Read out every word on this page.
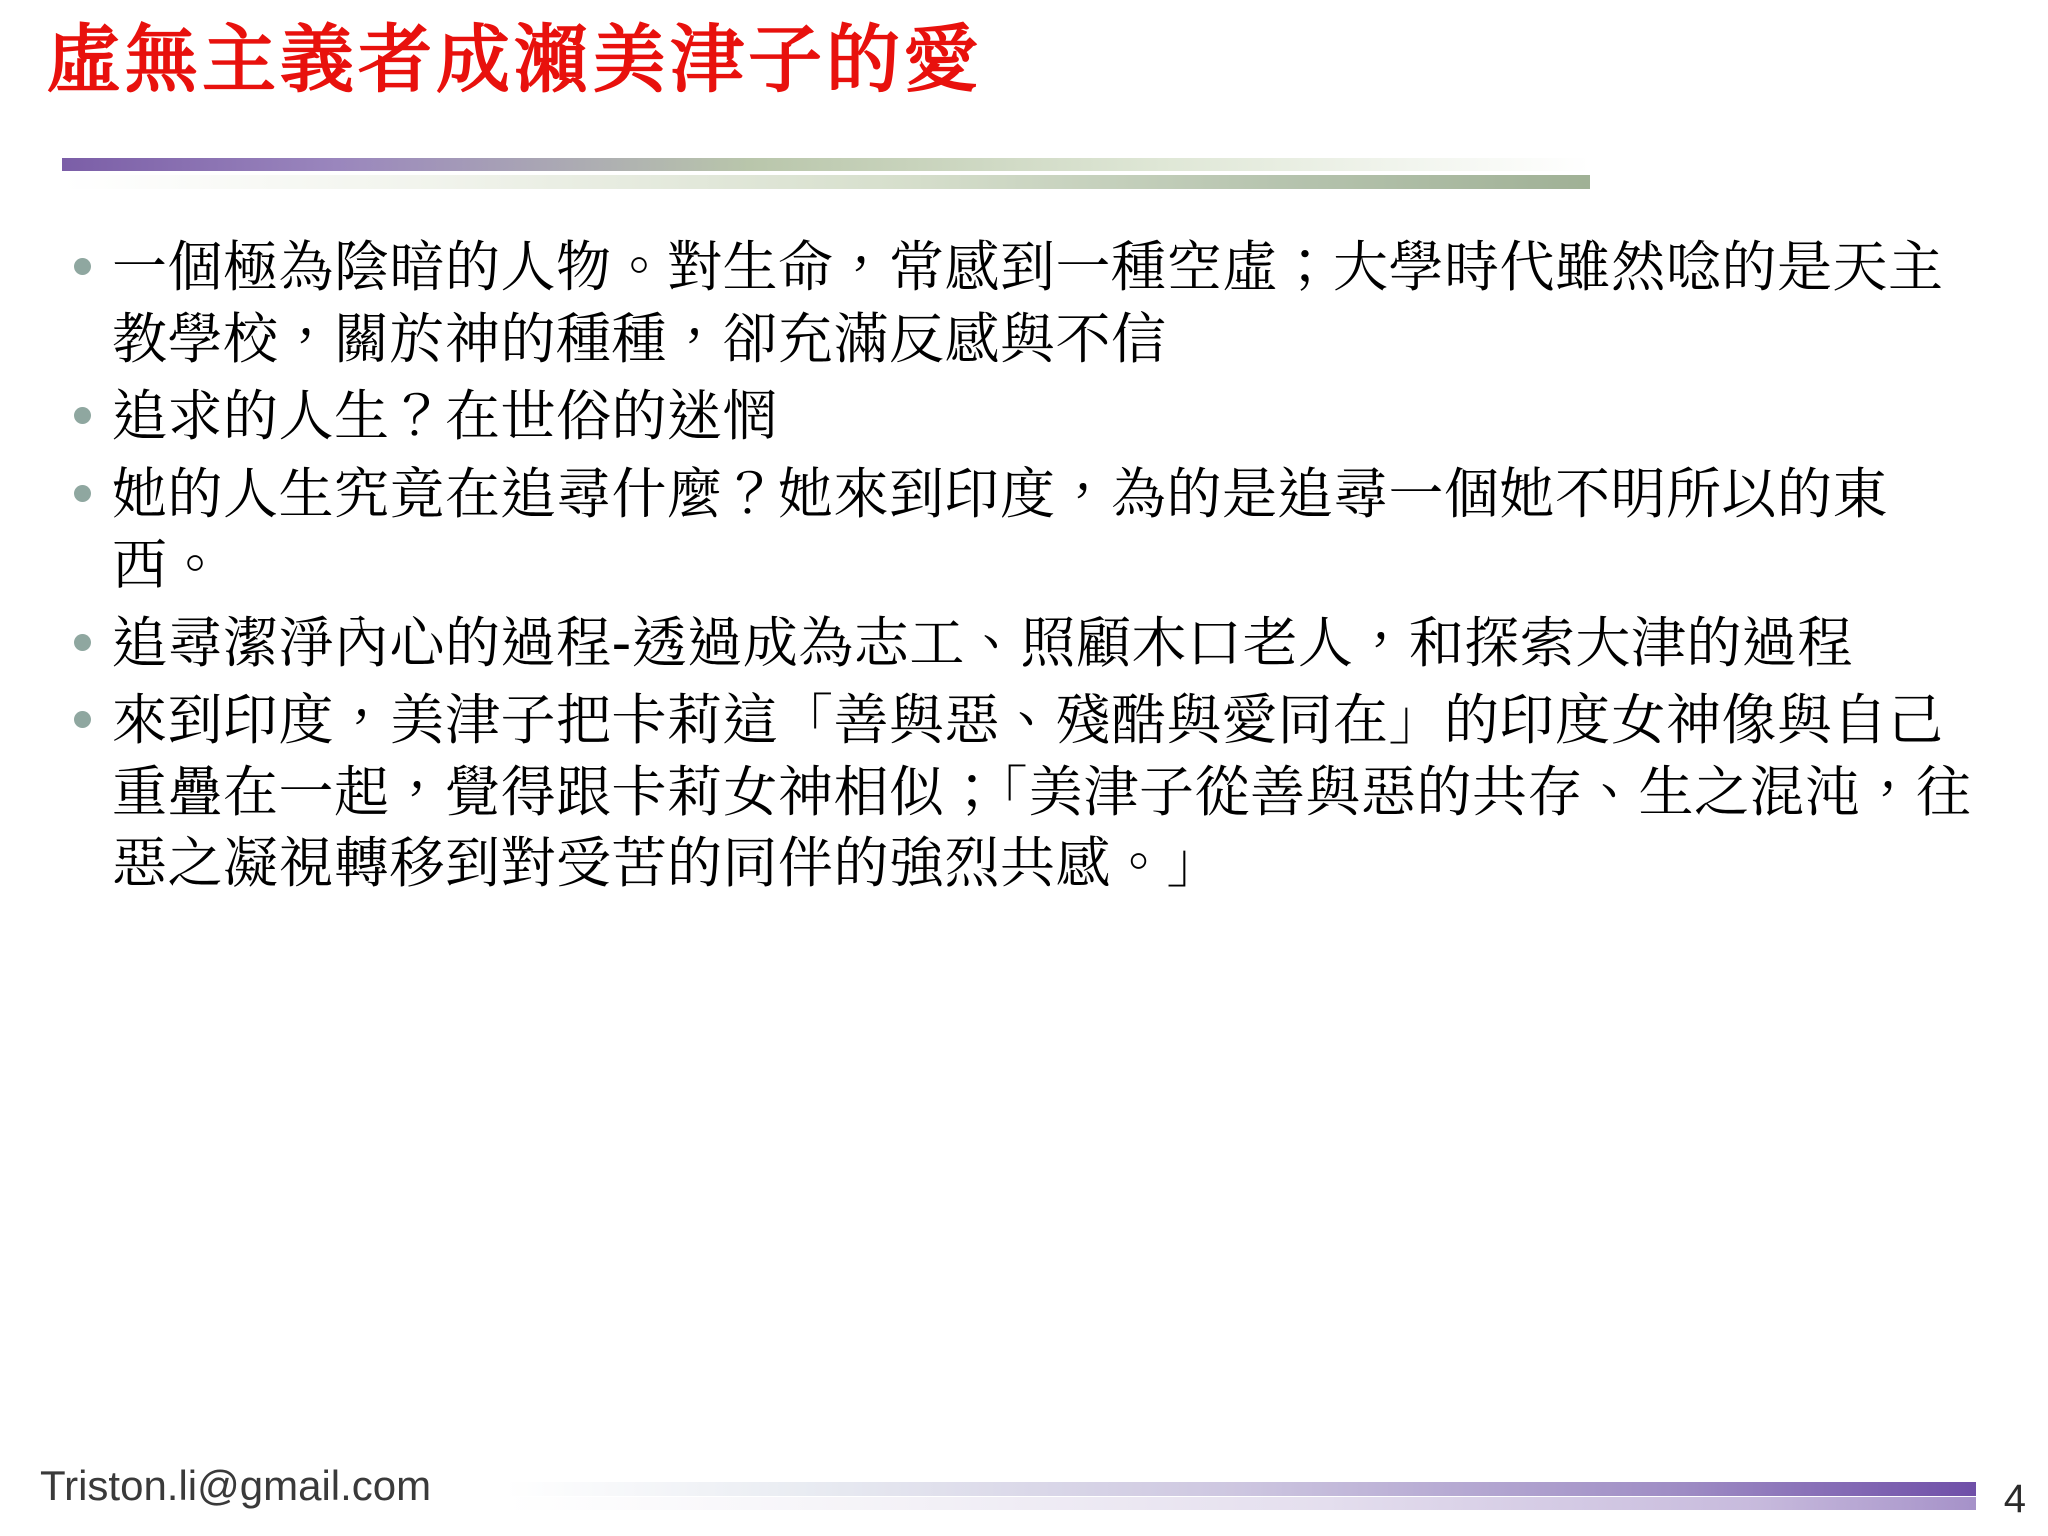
虛無主義者成瀨美津子的愛
一個極為陰暗的人物。對生命，常感到一種空虛；大學時代雖然唸的是天主教學校，關於神的種種，卻充滿反感與不信
追求的人生？在世俗的迷惘
她的人生究竟在追尋什麼？她來到印度，為的是追尋一個她不明所以的東西。
追尋潔淨內心的過程-透過成為志工、照顧木口老人，和探索大津的過程
來到印度，美津子把卡莉這「善與惡、殘酷與愛同在」的印度女神像與自己重疊在一起，覺得跟卡莉女神相似；「美津子從善與惡的共存、生之混沌，往惡之凝視轉移到對受苦的同伴的強烈共感。」
Triston.li@gmail.com	4
